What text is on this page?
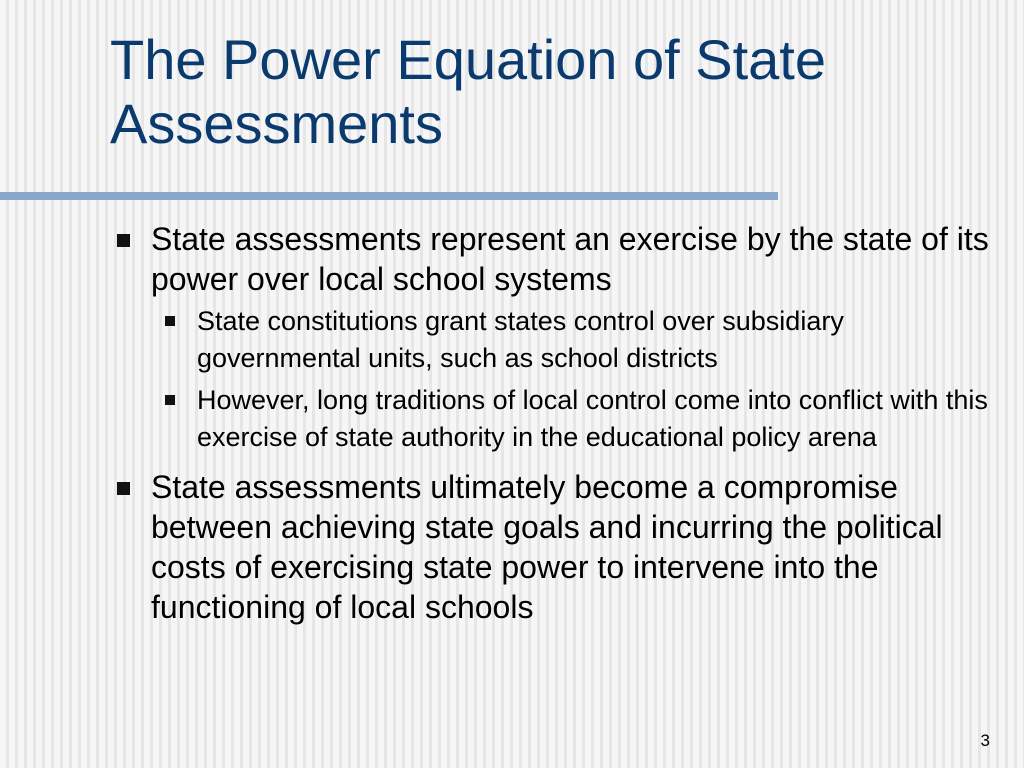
The Power Equation of State
Assessments
State assessments represent an exercise by the state of its power over local school systems
State constitutions grant states control over subsidiary governmental units, such as school districts
However, long traditions of local control come into conflict with this exercise of state authority in the educational policy arena
State assessments ultimately become a compromise between achieving state goals and incurring the political costs of exercising state power to intervene into the functioning of local schools
3
